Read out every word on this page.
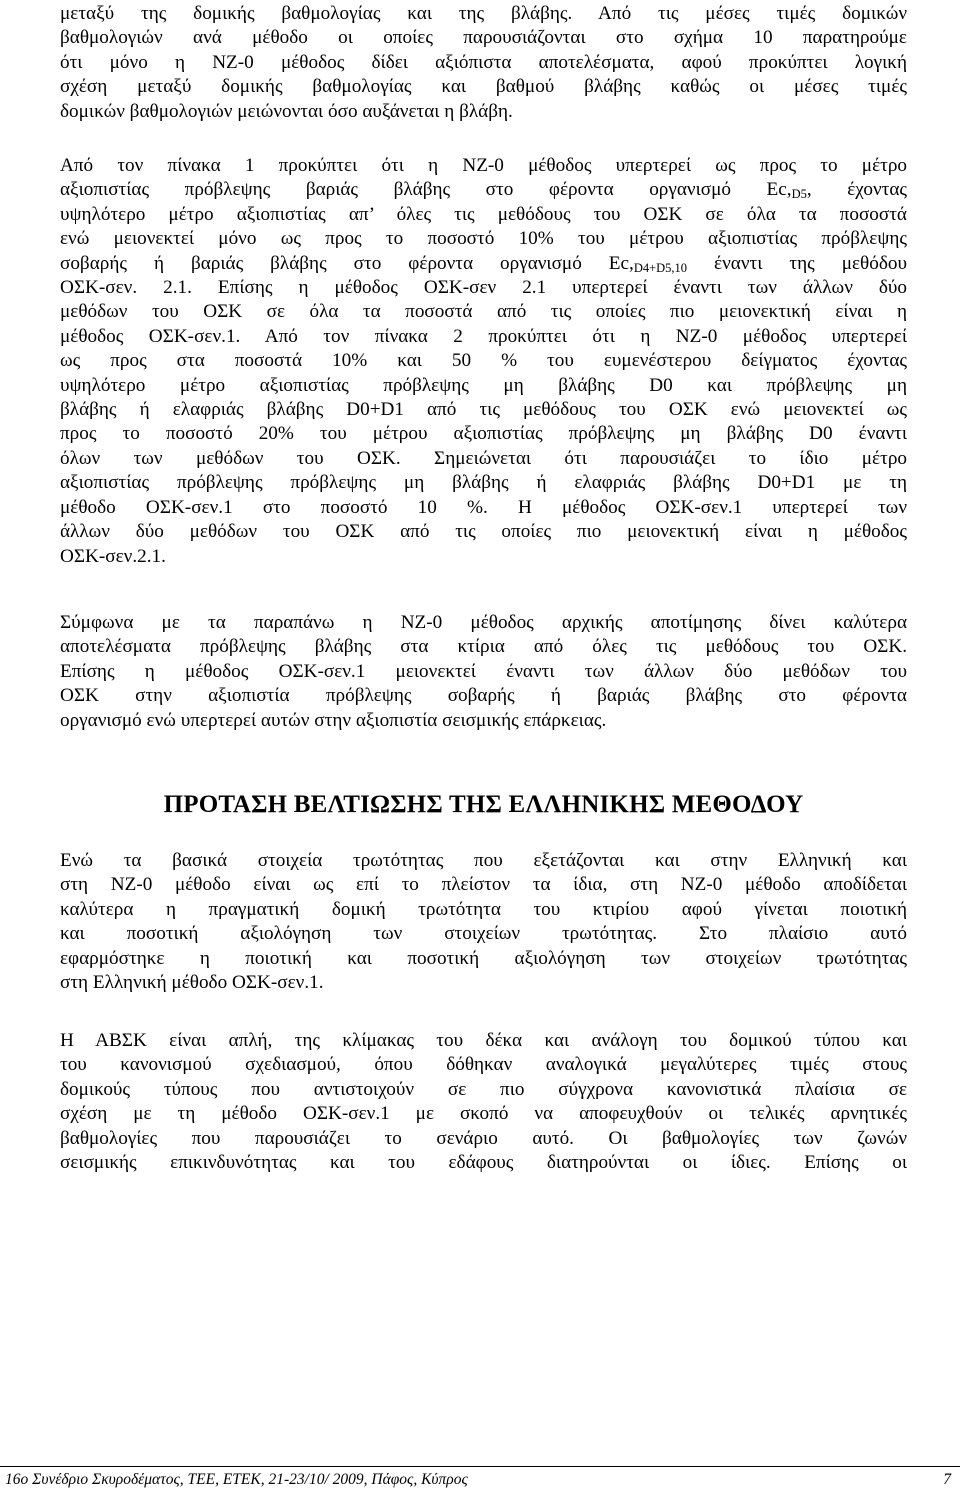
μεταξύ της δομικής βαθμολογίας και της βλάβης. Από τις μέσες τιμές δομικών
βαθμολογιών ανά μέθοδο οι οποίες παρουσιάζονται στο σχήμα 10 παρατηρούμε
ότι μόνο η ΝΖ-0 μέθοδος δίδει αξιόπιστα αποτελέσματα, αφού προκύπτει λογική
σχέση μεταξύ δομικής βαθμολογίας και βαθμού βλάβης καθώς οι μέσες τιμές
δομικών βαθμολογιών μειώνονται όσο αυξάνεται η βλάβη.

Από τον πίνακα 1 προκύπτει ότι η ΝΖ-0 μέθοδος υπερτερεί ως προς το μέτρο
αξιοπιστίας πρόβλεψης βαριάς βλάβης στο φέροντα οργανισμό $Ec,_{D5}$, έχοντας
υψηλότερο μέτρο αξιοπιστίας απ’ όλες τις μεθόδους του ΟΣΚ σε όλα τα ποσοστά
ενώ μειονεκτεί μόνο ως προς το ποσοστό 10% του μέτρου αξιοπιστίας πρόβλεψης
σοβαρής ή βαριάς βλάβης στο φέροντα οργανισμό $Ec,_{D4+D5,10}$ έναντι της μεθόδου
ΟΣΚ-σεν. 2.1. Επίσης η μέθοδος ΟΣΚ-σεν 2.1 υπερτερεί έναντι των άλλων δύο
μεθόδων του ΟΣΚ σε όλα τα ποσοστά από τις οποίες πιο μειονεκτική είναι η
μέθοδος ΟΣΚ-σεν.1. Από τον πίνακα 2 προκύπτει ότι η ΝΖ-0 μέθοδος υπερτερεί
ως προς στα ποσοστά 10% και 50 % του ευμενέστερου δείγματος έχοντας
υψηλότερο μέτρο αξιοπιστίας πρόβλεψης μη βλάβης D0 και πρόβλεψης μη
βλάβης ή ελαφριάς βλάβης D0+D1 από τις μεθόδους του ΟΣΚ ενώ μειονεκτεί ως
προς το ποσοστό 20% του μέτρου αξιοπιστίας πρόβλεψης μη βλάβης D0 έναντι
όλων των μεθόδων του ΟΣΚ. Σημειώνεται ότι παρουσιάζει το ίδιο μέτρο
αξιοπιστίας πρόβλεψης πρόβλεψης μη βλάβης ή ελαφριάς βλάβης D0+D1 με τη
μέθοδο ΟΣΚ-σεν.1 στο ποσοστό 10 %. Η μέθοδος ΟΣΚ-σεν.1 υπερτερεί των
άλλων δύο μεθόδων του ΟΣΚ από τις οποίες πιο μειονεκτική είναι η μέθοδος
ΟΣΚ-σεν.2.1.

Σύμφωνα με τα παραπάνω η ΝΖ-0 μέθοδος αρχικής αποτίμησης δίνει καλύτερα
αποτελέσματα πρόβλεψης βλάβης στα κτίρια από όλες τις μεθόδους του ΟΣΚ.
Επίσης η μέθοδος ΟΣΚ-σεν.1 μειονεκτεί έναντι των άλλων δύο μεθόδων του
ΟΣΚ στην αξιοπιστία πρόβλεψης σοβαρής ή βαριάς βλάβης στο φέροντα
οργανισμό ενώ υπερτερεί αυτών στην αξιοπιστία σεισμικής επάρκειας.

ΠΡΟΤΑΣΗ ΒΕΛΤΙΩΣΗΣ ΤΗΣ ΕΛΛΗΝΙΚΗΣ ΜΕΘΟΔΟΥ

Ενώ τα βασικά στοιχεία τρωτότητας που εξετάζονται και στην Ελληνική και
στη ΝΖ-0 μέθοδο είναι ως επί το πλείστον τα ίδια, στη ΝΖ-0 μέθοδο αποδίδεται
καλύτερα η πραγματική δομική τρωτότητα του κτιρίου αφού γίνεται ποιοτική
και ποσοτική αξιολόγηση των στοιχείων τρωτότητας. Στο πλαίσιο αυτό
εφαρμόστηκε η ποιοτική και ποσοτική αξιολόγηση των στοιχείων τρωτότητας
στη Ελληνική μέθοδο ΟΣΚ-σεν.1.

Η ΑΒΣΚ είναι απλή, της κλίμακας του δέκα και ανάλογη του δομικού τύπου και
του κανονισμού σχεδιασμού, όπου δόθηκαν αναλογικά μεγαλύτερες τιμές στους
δομικούς τύπους που αντιστοιχούν σε πιο σύγχρονα κανονιστικά πλαίσια σε
σχέση με τη μέθοδο ΟΣΚ-σεν.1 με σκοπό να αποφευχθούν οι τελικές αρνητικές
βαθμολογίες που παρουσιάζει το σενάριο αυτό. Οι βαθμολογίες των ζωνών
σεισμικής επικινδυνότητας και του εδάφους διατηρούνται οι ίδιες. Επίσης οι

16ο Συνέδριο Σκυροδέματος, ΤΕΕ, ΕΤΕΚ, 21-23/10/ 2009, Πάφος, Κύπρος	7
